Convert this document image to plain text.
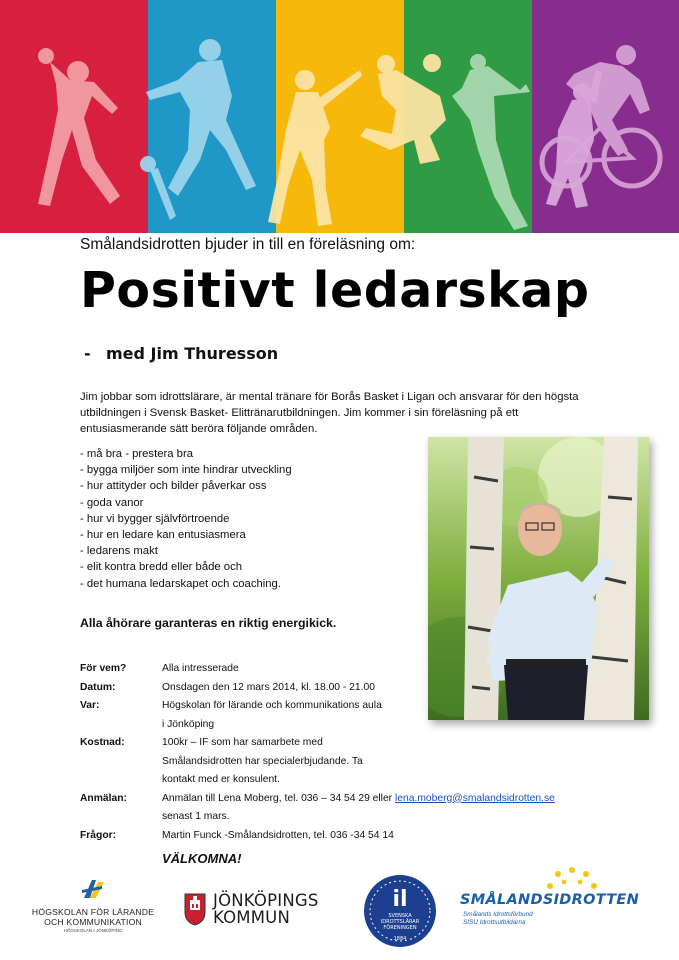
Smålandsidrotten bjuder in till en föreläsning om:
Positivt ledarskap
- med Jim Thuresson

Jim jobbar som idrottslärare, är mental tränare för Borås Basket i Ligan och ansvarar för den högsta utbildningen i Svensk Basket- Elittränarutbildningen. Jim kommer i sin föreläsning på ett entusiasmerande sätt beröra följande områden.

- må bra - prestera bra
- bygga miljöer som inte hindrar utveckling
- hur attityder och bilder påverkar oss
- goda vanor
- hur vi bygger självförtroende
- hur en ledare kan entusiasmera
- ledarens makt
- elit kontra bredd eller både och
- det humana ledarskapet och coaching.
Alla åhörare garanteras en riktig energikick.
För vem?	Alla intresserade
Datum:	Onsdagen den 12 mars 2014, kl. 18.00 - 21.00
Var:	Högskolan för lärande och kommunikations aula
i Jönköping
Kostnad:	100kr – IF som har samarbete med
Smålandsidrotten har specialerbjudande. Ta
kontakt med er konsulent.
Anmälan:	Anmälan till Lena Moberg, tel. 036 – 34 54 29 eller lena.moberg@smalandsidrotten.se
senast 1 mars.
Frågor:	Martin Funck -Smålandsidrotten, tel. 036 -34 54 14
VÄLKOMNA!
HÖGSKOLAN FÖR LÄRANDE
OCH KOMMUNIKATION
HÖGSKOLAN I JÖNKÖPING
JÖNKÖPINGS
KOMMUN
il
SVENSKA
IDROTTSLÄRAR
FÖRENINGEN
1884
SMÅLANDSIDROTTEN
Smålands Idrottsförbund
SISU Idrottsutbildarna
